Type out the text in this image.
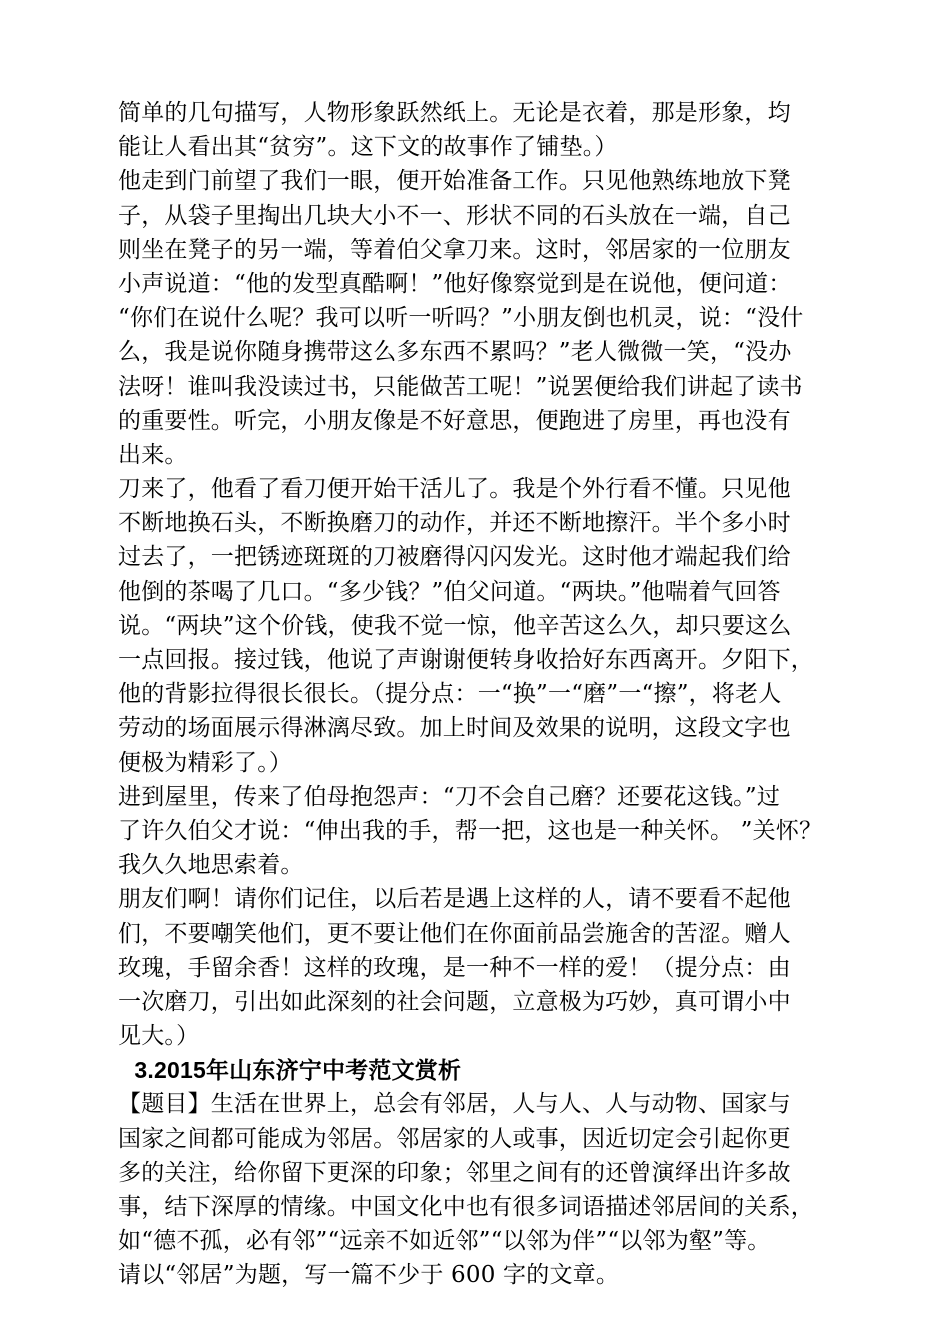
简单的几句描写，人物形象跃然纸上。无论是衣着，那是形象，均
能让人看出其“贫穷”。这下文的故事作了铺垫。）
他走到门前望了我们一眼，便开始准备工作。只见他熟练地放下凳
子，从袋子里掏出几块大小不一、形状不同的石头放在一端，自己
则坐在凳子的另一端，等着伯父拿刀来。这时，邻居家的一位朋友
小声说道：“他的发型真酷啊！”他好像察觉到是在说他，便问道：
“你们在说什么呢？我可以听一听吗？”小朋友倒也机灵，说：“没什
么，我是说你随身携带这么多东西不累吗？”老人微微一笑，“没办
法呀！谁叫我没读过书，只能做苦工呢！”说罢便给我们讲起了读书
的重要性。听完，小朋友像是不好意思，便跑进了房里，再也没有
出来。
刀来了，他看了看刀便开始干活儿了。我是个外行看不懂。只见他
不断地换石头，不断换磨刀的动作，并还不断地擦汗。半个多小时
过去了，一把锈迹斑斑的刀被磨得闪闪发光。这时他才端起我们给
他倒的茶喝了几口。“多少钱？”伯父问道。“两块。”他喘着气回答
说。“两块”这个价钱，使我不觉一惊，他辛苦这么久，却只要这么
一点回报。接过钱，他说了声谢谢便转身收拾好东西离开。夕阳下，
他的背影拉得很长很长。（提分点：一“换”一“磨”一“擦”，将老人
劳动的场面展示得淋漓尽致。加上时间及效果的说明，这段文字也
便极为精彩了。）
进到屋里，传来了伯母抱怨声：“刀不会自己磨？还要花这钱。”过
了许久伯父才说：“伸出我的手，帮一把，这也是一种关怀。 ”关怀？
我久久地思索着。
朋友们啊！请你们记住，以后若是遇上这样的人，请不要看不起他
们，不要嘲笑他们，更不要让他们在你面前品尝施舍的苦涩。赠人
玫瑰，手留余香！这样的玫瑰，是一种不一样的爱！（提分点：由
一次磨刀，引出如此深刻的社会问题，立意极为巧妙，真可谓小中
见大。）
3.2015年山东济宁中考范文赏析
【题目】生活在世界上，总会有邻居，人与人、人与动物、国家与
国家之间都可能成为邻居。邻居家的人或事，因近切定会引起你更
多的关注，给你留下更深的印象；邻里之间有的还曾演绎出许多故
事，结下深厚的情缘。中国文化中也有很多词语描述邻居间的关系，
如“德不孤，必有邻”“远亲不如近邻”“以邻为伴”“以邻为壑”等。
请以“邻居”为题，写一篇不少于 600 字的文章。
